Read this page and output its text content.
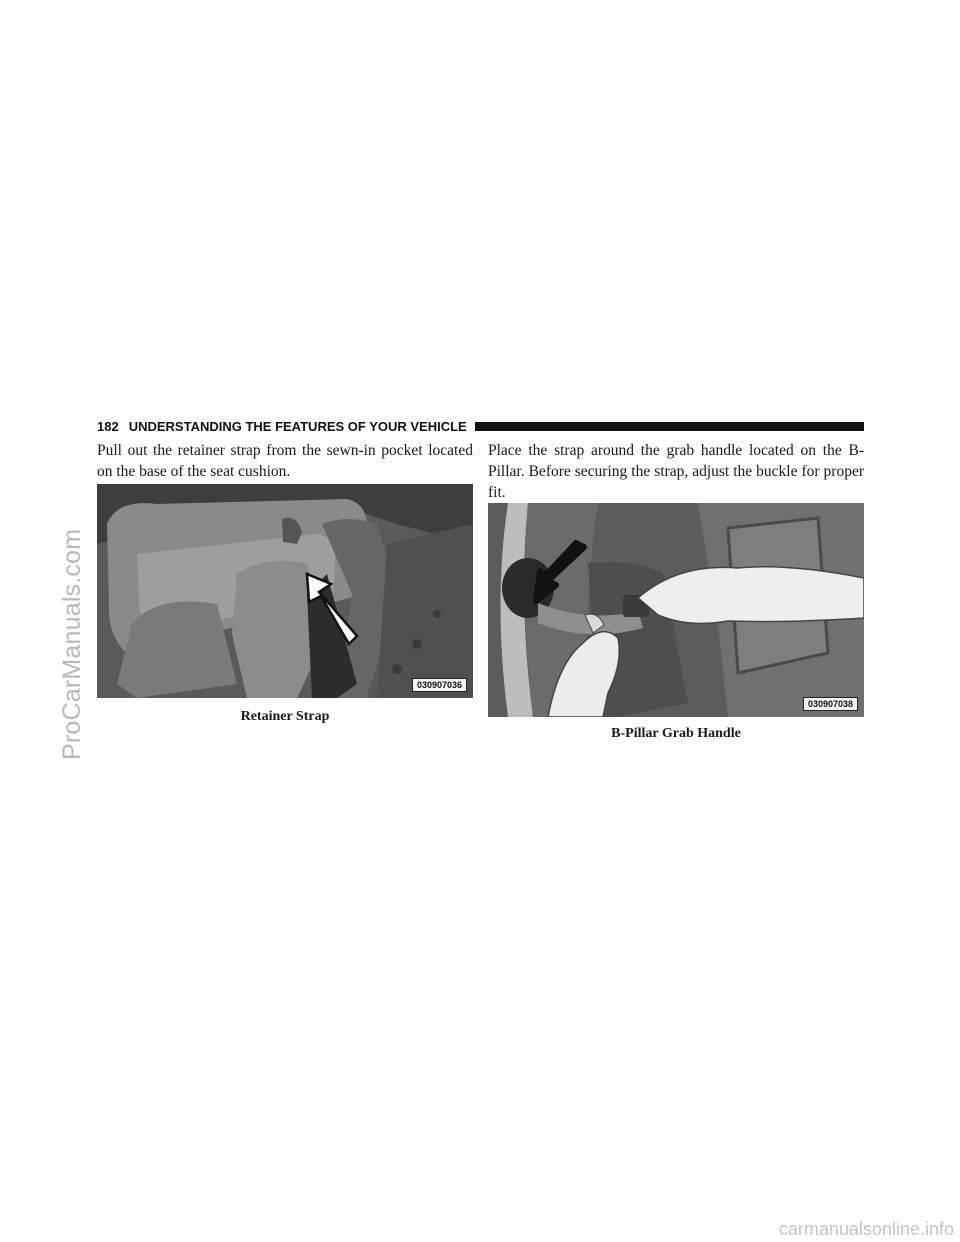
ProCarManuals.com
182 UNDERSTANDING THE FEATURES OF YOUR VEHICLE

Pull out the retainer strap from the sewn-in pocket located on the base of the seat cushion.

030907036
Retainer Strap

Place the strap around the grab handle located on the B-Pillar. Before securing the strap, adjust the buckle for proper fit.

030907038
B-Pillar Grab Handle
carmanualsonline.info
